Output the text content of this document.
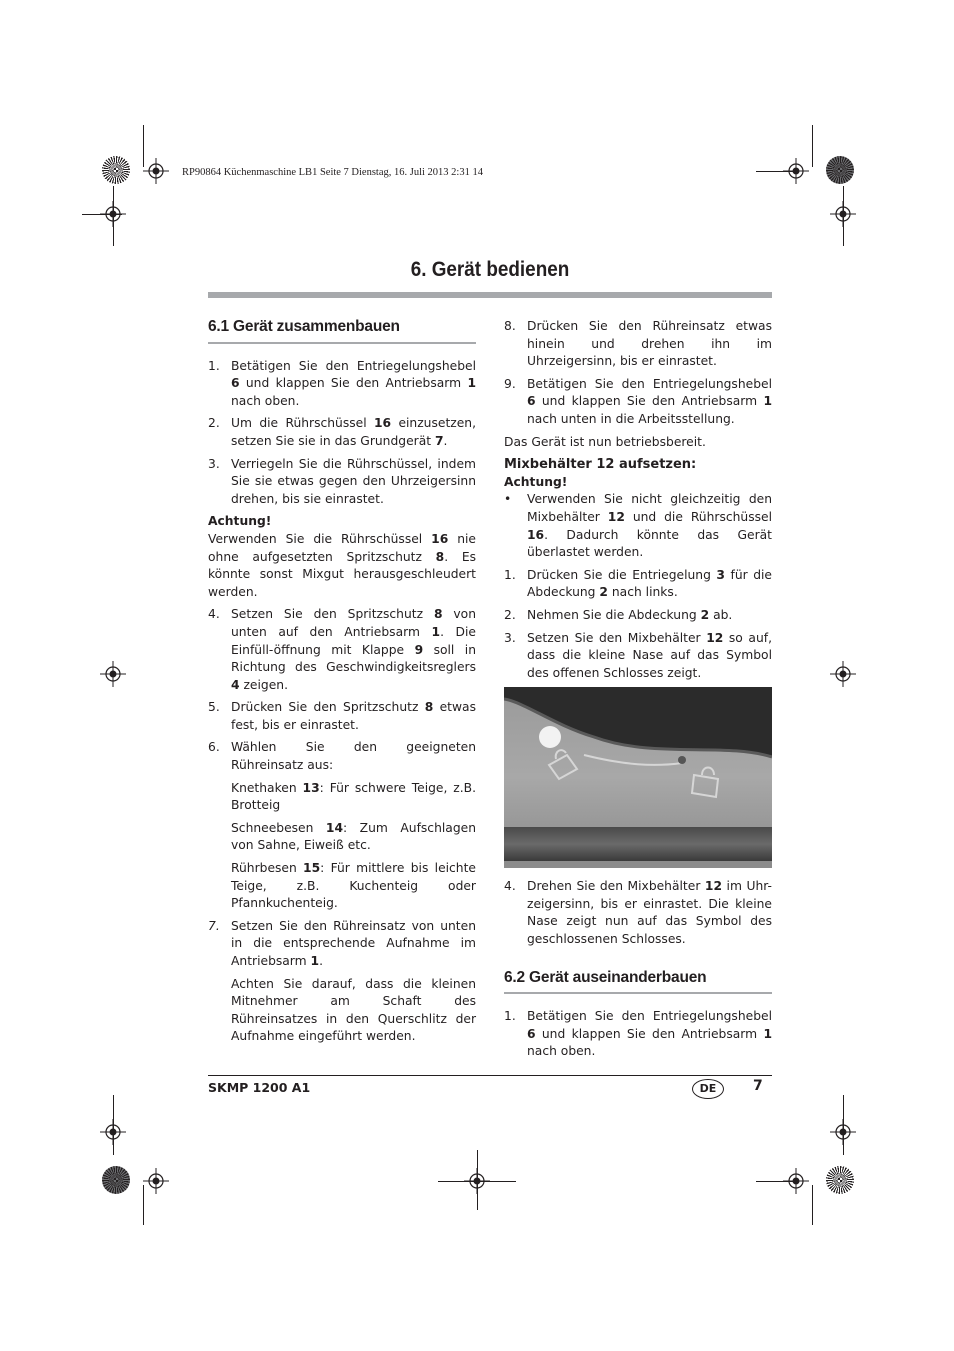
RP90864 Küchenmaschine LB1 Seite 7 Dienstag, 16. Juli 2013 2:31 14
6. Gerät bedienen
6.1 Gerät zusammenbauen
1. Betätigen Sie den Entriegelungshebel 6 und klappen Sie den Antriebsarm 1 nach oben.
2. Um die Rührschüssel 16 einzusetzen, setzen Sie sie in das Grundgerät 7.
3. Verriegeln Sie die Rührschüssel, indem Sie sie etwas gegen den Uhrzeigersinn drehen, bis sie einrastet.
Achtung!
Verwenden Sie die Rührschüssel 16 nie ohne aufgesetzten Spritzschutz 8. Es könnte sonst Mixgut herausgeschleudert werden.
4. Setzen Sie den Spritzschutz 8 von unten auf den Antriebsarm 1. Die Einfüll-öffnung mit Klappe 9 soll in Richtung des Geschwindigkeitsreglers 4 zeigen.
5. Drücken Sie den Spritzschutz 8 etwas fest, bis er einrastet.
6. Wählen Sie den geeigneten Rühreinsatz aus:
Knethaken 13: Für schwere Teige, z.B. Brotteig
Schneebesen 14: Zum Aufschlagen von Sahne, Eiweiß etc.
Rührbesen 15: Für mittlere bis leichte Teige, z.B. Kuchenteig oder Pfannkuchenteig.
7. Setzen Sie den Rühreinsatz von unten in die entsprechende Aufnahme im Antriebsarm 1.
Achten Sie darauf, dass die kleinen Mitnehmer am Schaft des Rühreinsatzes in den Querschlitz der Aufnahme eingeführt werden.
8. Drücken Sie den Rühreinsatz etwas hinein und drehen ihn im Uhrzeigersinn, bis er einrastet.
9. Betätigen Sie den Entriegelungshebel 6 und klappen Sie den Antriebsarm 1 nach unten in die Arbeitsstellung.
Das Gerät ist nun betriebsbereit.
Mixbehälter 12 aufsetzen:
Achtung!
•	Verwenden Sie nicht gleichzeitig den Mixbehälter 12 und die Rührschüssel 16. Dadurch könnte das Gerät überlastet werden.
1. Drücken Sie die Entriegelung 3 für die Abdeckung 2 nach links.
2. Nehmen Sie die Abdeckung 2 ab.
3. Setzen Sie den Mixbehälter 12 so auf, dass die kleine Nase auf das Symbol des offenen Schlosses zeigt.
4. Drehen Sie den Mixbehälter 12 im Uhr-zeigersinn, bis er einrastet. Die kleine Nase zeigt nun auf das Symbol des geschlossenen Schlosses.
6.2 Gerät auseinanderbauen
1. Betätigen Sie den Entriegelungshebel 6 und klappen Sie den Antriebsarm 1 nach oben.
SKMP 1200 A1	DE	7
